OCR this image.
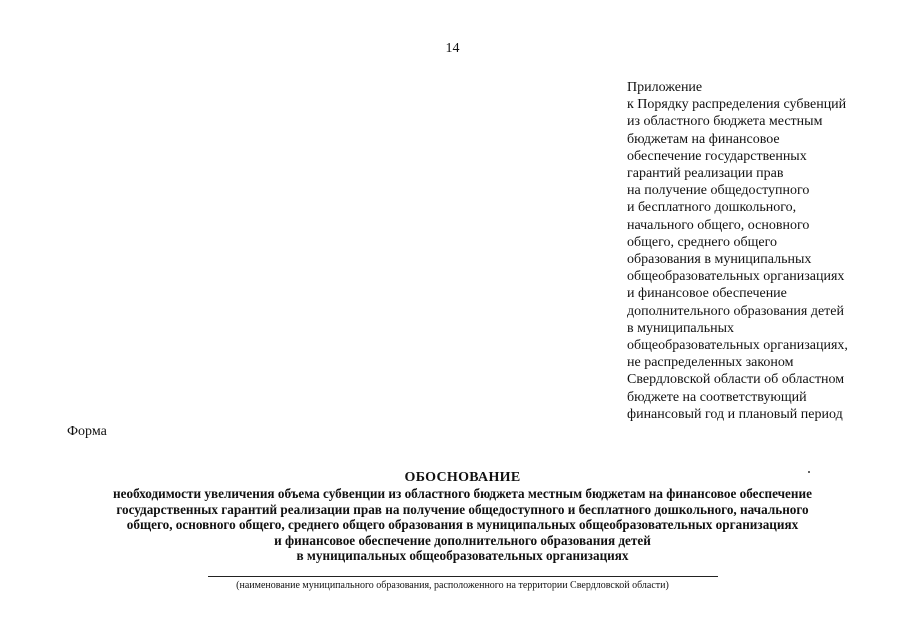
14
Приложение
к Порядку распределения субвенций
из областного бюджета местным
бюджетам на финансовое
обеспечение государственных
гарантий реализации прав
на получение общедоступного
и бесплатного дошкольного,
начального общего, основного
общего, среднего общего
образования в муниципальных
общеобразовательных организациях
и финансовое обеспечение
дополнительного образования детей
в муниципальных
общеобразовательных организациях,
не распределенных законом
Свердловской области об областном
бюджете на соответствующий
финансовый год и плановый период
Форма
ОБОСНОВАНИЕ
необходимости увеличения объема субвенции из областного бюджета местным бюджетам на финансовое обеспечение
государственных гарантий реализации прав на получение общедоступного и бесплатного дошкольного, начального
общего, основного общего, среднего общего образования в муниципальных общеобразовательных организациях
и финансовое обеспечение дополнительного образования детей
в муниципальных общеобразовательных организациях
(наименование муниципального образования, расположенного на территории Свердловской области)
